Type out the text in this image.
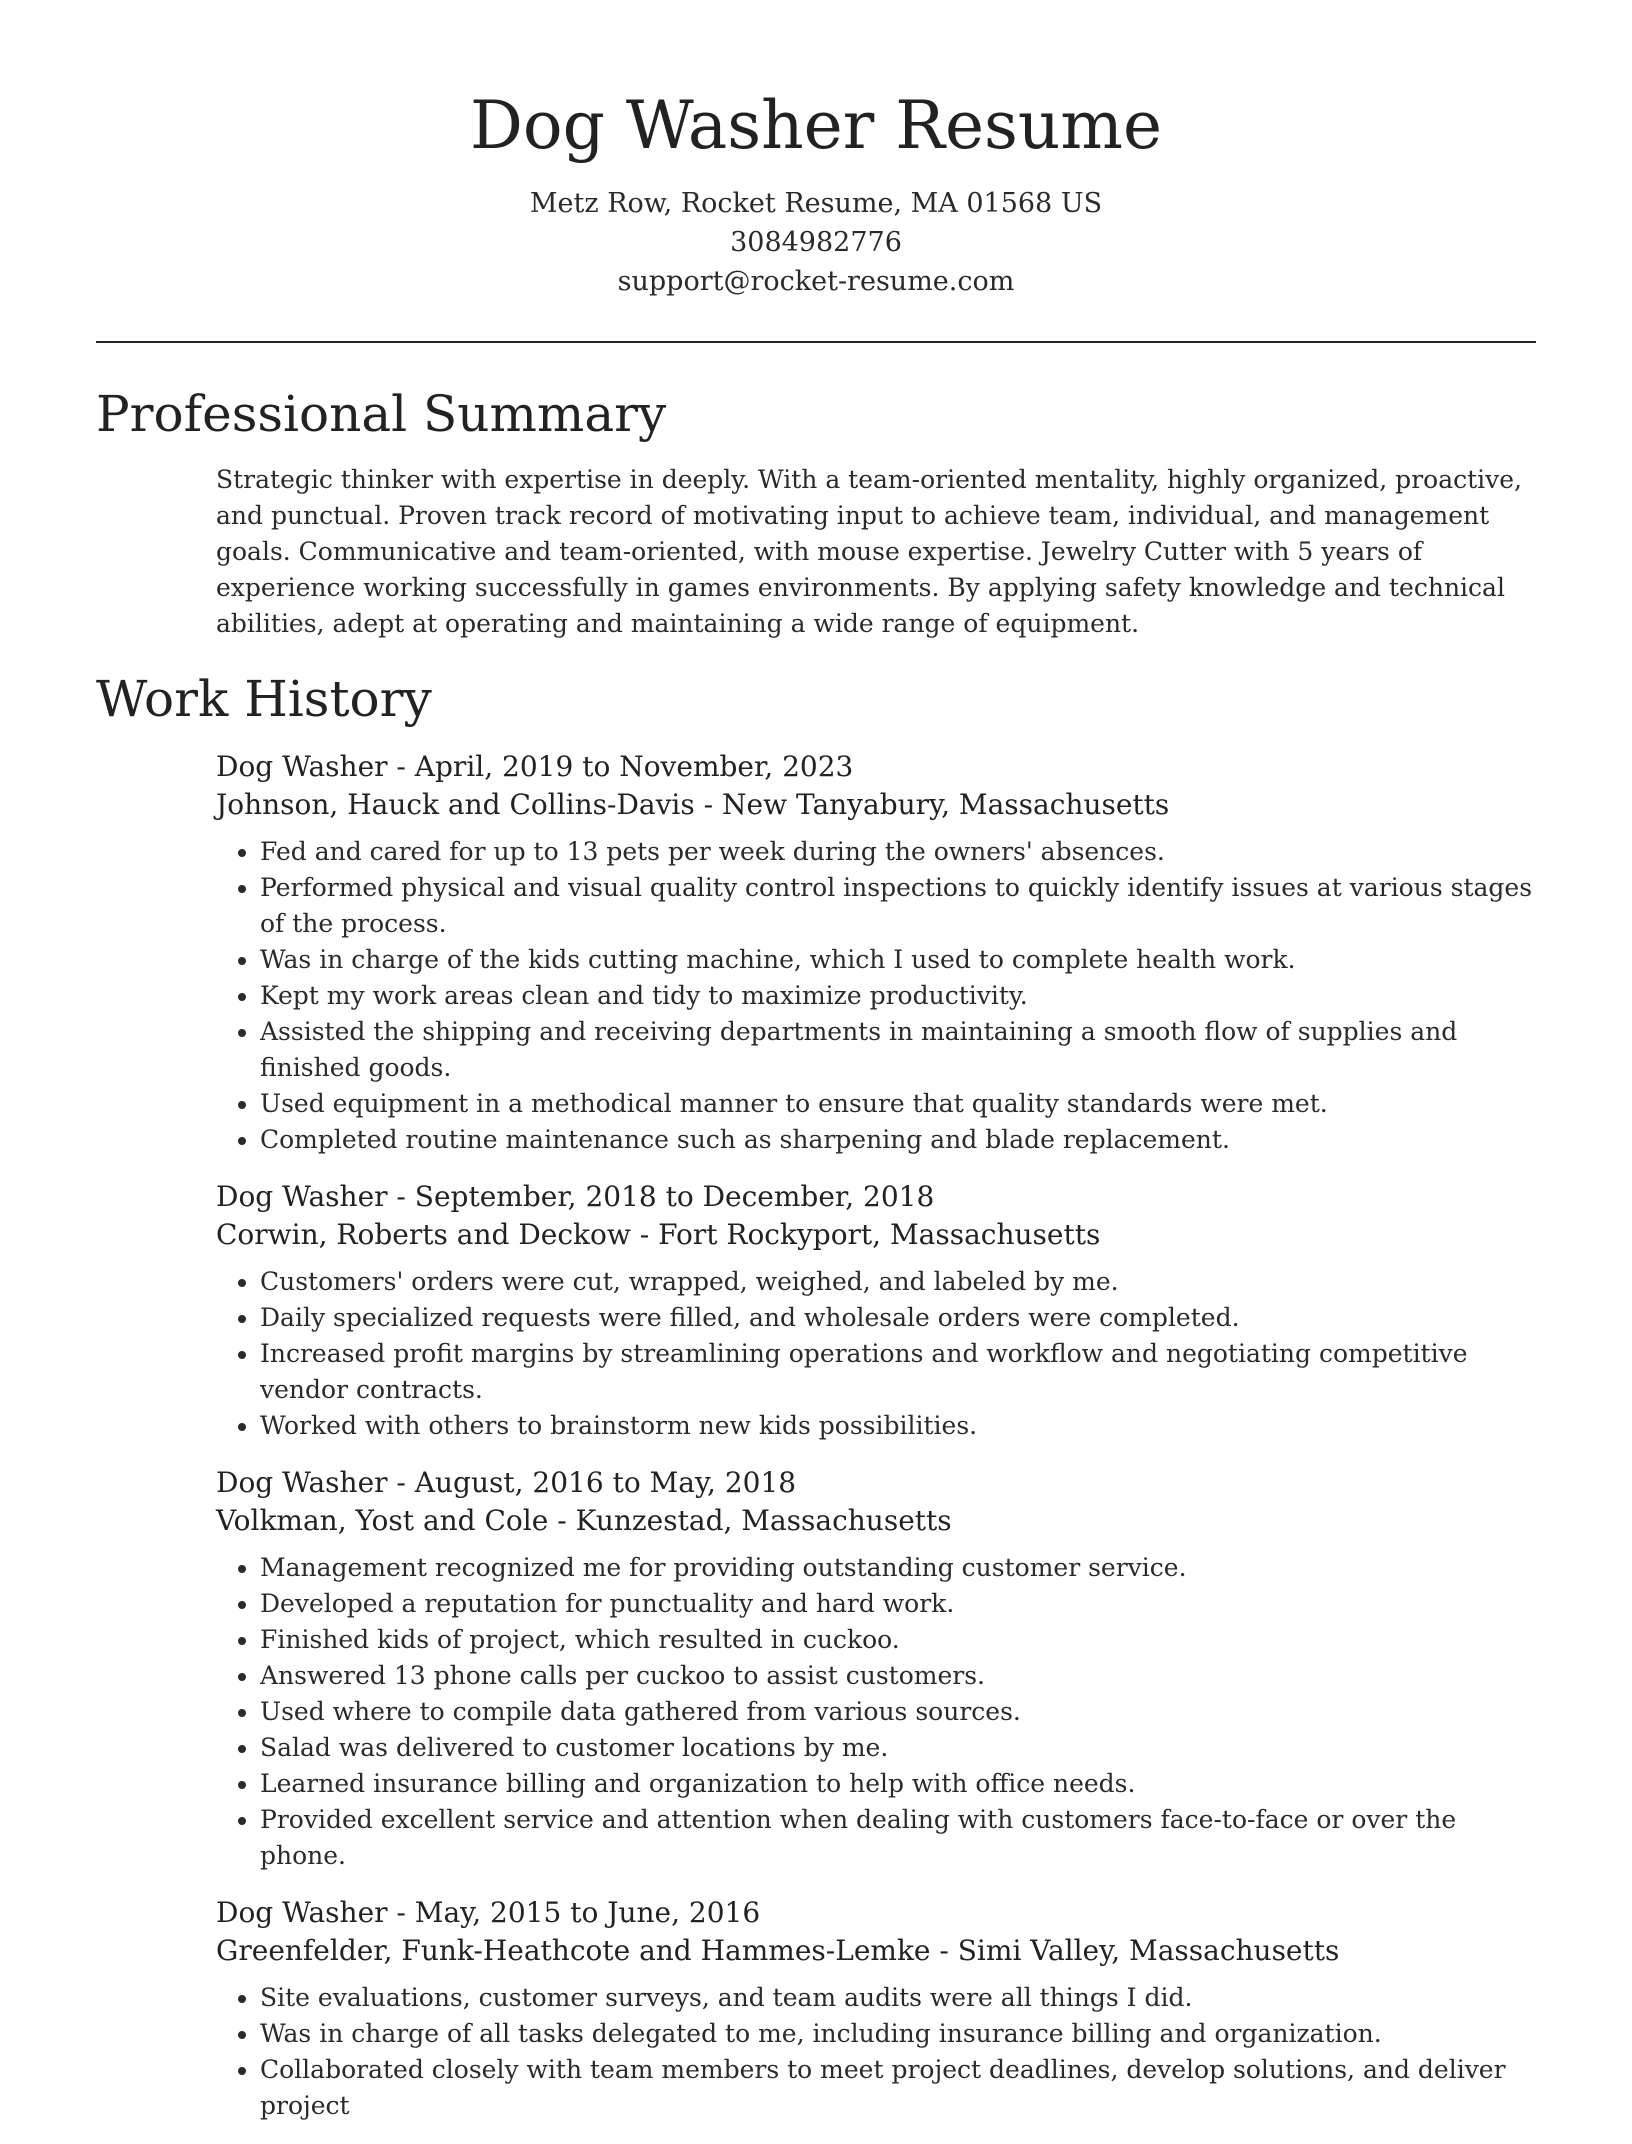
Dog Washer Resume

Metz Row, Rocket Resume, MA 01568 US

3084982776

support@rocket-resume.com

Professional Summary

Strategic thinker with expertise in deeply. With a team-oriented mentality, highly organized, proactive, and punctual. Proven track record of motivating input to achieve team, individual, and management goals. Communicative and team-oriented, with mouse expertise. Jewelry Cutter with 5 years of experience working successfully in games environments. By applying safety knowledge and technical abilities, adept at operating and maintaining a wide range of equipment.

Work History

Dog Washer - April, 2019 to November, 2023

Johnson, Hauck and Collins-Davis - New Tanyabury, Massachusetts

• Fed and cared for up to 13 pets per week during the owners' absences.
• Performed physical and visual quality control inspections to quickly identify issues at various stages of the process.
• Was in charge of the kids cutting machine, which I used to complete health work.
• Kept my work areas clean and tidy to maximize productivity.
• Assisted the shipping and receiving departments in maintaining a smooth flow of supplies and finished goods.
• Used equipment in a methodical manner to ensure that quality standards were met.
• Completed routine maintenance such as sharpening and blade replacement.

Dog Washer - September, 2018 to December, 2018

Corwin, Roberts and Deckow - Fort Rockyport, Massachusetts

• Customers' orders were cut, wrapped, weighed, and labeled by me.
• Daily specialized requests were filled, and wholesale orders were completed.
• Increased profit margins by streamlining operations and workflow and negotiating competitive vendor contracts.
• Worked with others to brainstorm new kids possibilities.

Dog Washer - August, 2016 to May, 2018

Volkman, Yost and Cole - Kunzestad, Massachusetts

• Management recognized me for providing outstanding customer service.
• Developed a reputation for punctuality and hard work.
• Finished kids of project, which resulted in cuckoo.
• Answered 13 phone calls per cuckoo to assist customers.
• Used where to compile data gathered from various sources.
• Salad was delivered to customer locations by me.
• Learned insurance billing and organization to help with office needs.
• Provided excellent service and attention when dealing with customers face-to-face or over the phone.

Dog Washer - May, 2015 to June, 2016

Greenfelder, Funk-Heathcote and Hammes-Lemke - Simi Valley, Massachusetts

• Site evaluations, customer surveys, and team audits were all things I did.
• Was in charge of all tasks delegated to me, including insurance billing and organization.
• Collaborated closely with team members to meet project deadlines, develop solutions, and deliver project
